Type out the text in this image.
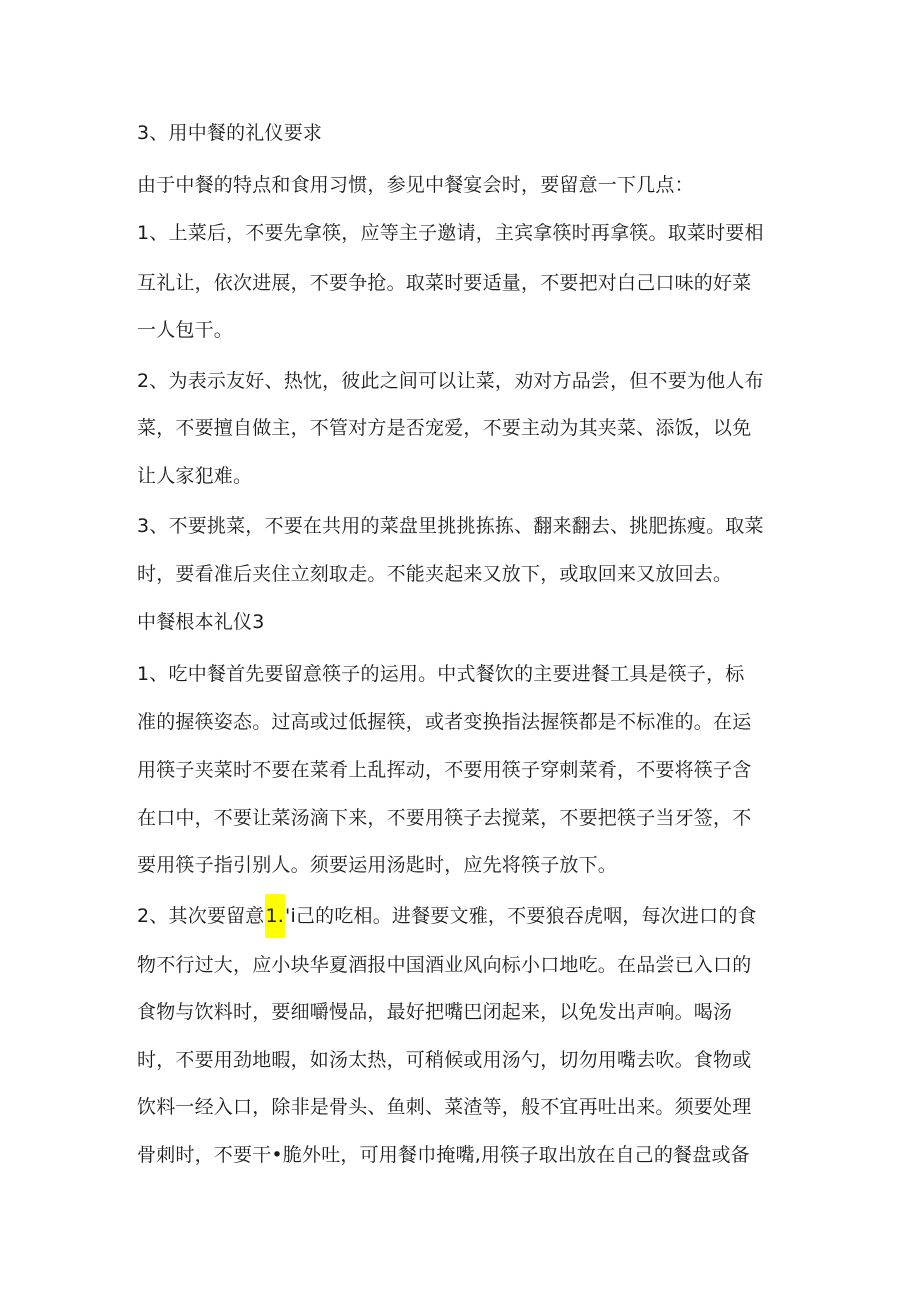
3、用中餐的礼仪要求
由于中餐的特点和食用习惯，参见中餐宴会时，要留意一下几点：
1、上菜后，不要先拿筷，应等主子邀请，主宾拿筷时再拿筷。取菜时要相
互礼让，依次进展，不要争抢。取菜时要适量，不要把对白己口味的好菜
一人包干。
2、为表示友好、热忱，彼此之间可以让菜，劝对方品尝，但不要为他人布
菜，不要擅自做主，不管对方是否宠爱，不要主动为其夹菜、添饭，以免
让人家犯难。
3、不要挑菜，不要在共用的菜盘里挑挑拣拣、翻来翻去、挑肥拣瘦。取菜
时，要看准后夹住立刻取走。不能夹起来又放下，或取回来又放回去。
中餐根本礼仪3
1、吃中餐首先要留意筷子的运用。中式餐饮的主要进餐工具是筷子，标
准的握筷姿态。过高或过低握筷，或者变换指法握筷都是不标准的。在运
用筷子夹菜时不要在菜肴上乱挥动，不要用筷子穿刺菜肴，不要将筷子含
在口中，不要让菜汤滴下来，不要用筷子去搅菜，不要把筷子当牙签，不
要用筷子指引别人。须要运用汤匙时，应先将筷子放下。
2、其次要留意1.'i己的吃相。进餐要文雅，不要狼吞虎咽，每次进口的食
物不行过大，应小块华夏酒报中国酒业风向标小口地吃。在品尝已入口的
食物与饮料时，要细嚼慢品，最好把嘴巴闭起来，以免发出声响。喝汤
时，不要用劲地暇，如汤太热，可稍候或用汤勺，切勿用嘴去吹。食物或
饮料一经入口，除非是骨头、鱼刺、菜渣等，般不宜再吐出来。须要处理
骨刺时，不要干•脆外吐，可用餐巾掩嘴,用筷子取出放在自己的餐盘或备
